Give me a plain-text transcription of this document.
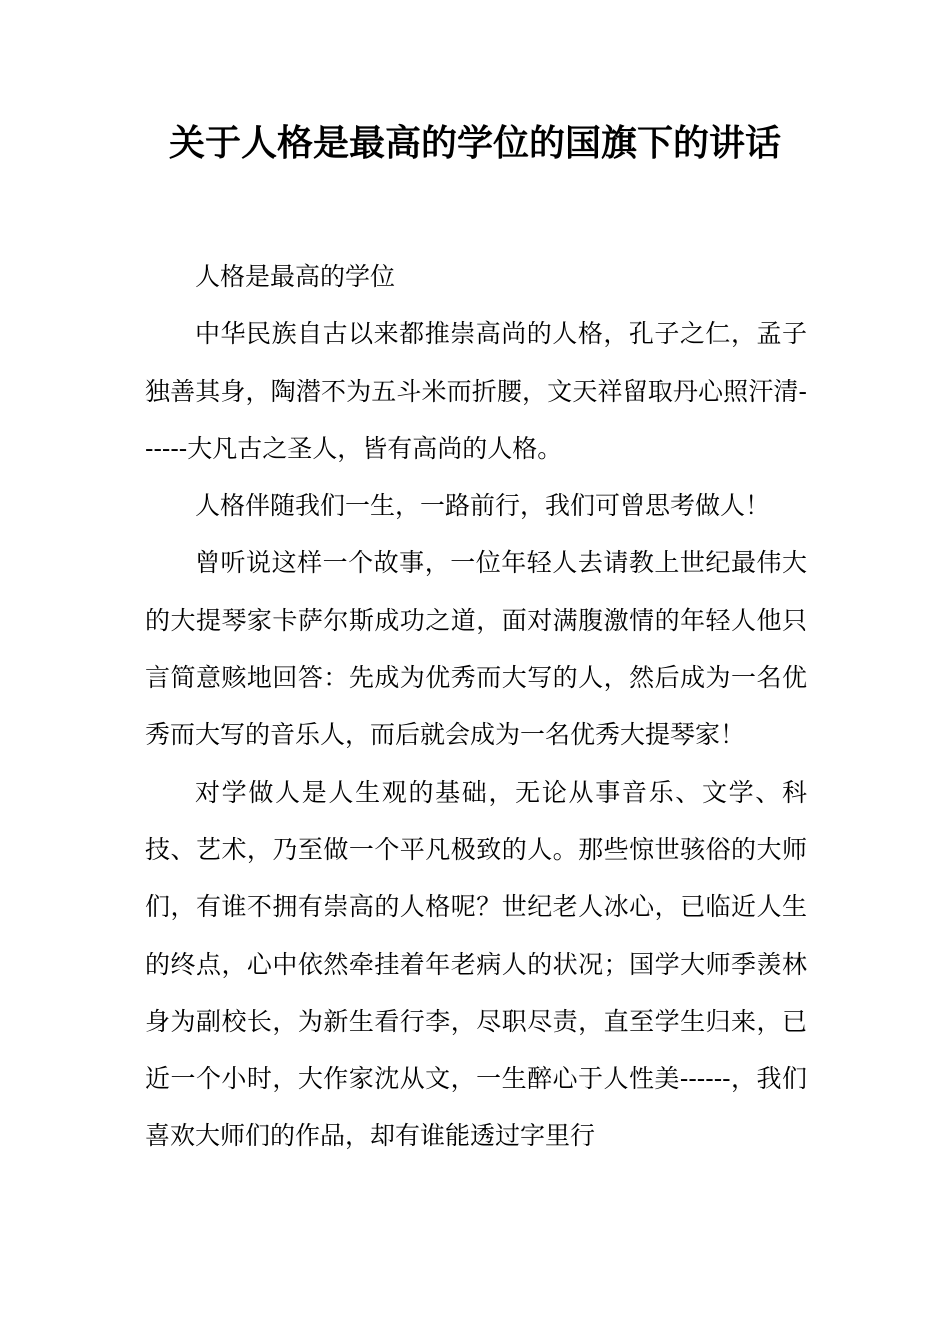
关于人格是最高的学位的国旗下的讲话

人格是最高的学位

中华民族自古以来都推崇高尚的人格，孔子之仁，孟子独善其身，陶潜不为五斗米而折腰，文天祥留取丹心照汗清------大凡古之圣人，皆有高尚的人格。

人格伴随我们一生，一路前行，我们可曾思考做人！

曾听说这样一个故事，一位年轻人去请教上世纪最伟大的大提琴家卡萨尔斯成功之道，面对满腹激情的年轻人他只言简意赅地回答：先成为优秀而大写的人，然后成为一名优秀而大写的音乐人，而后就会成为一名优秀大提琴家！

对学做人是人生观的基础，无论从事音乐、文学、科技、艺术，乃至做一个平凡极致的人。那些惊世骇俗的大师们，有谁不拥有崇高的人格呢？世纪老人冰心，已临近人生的终点，心中依然牵挂着年老病人的状况；国学大师季羡林身为副校长，为新生看行李，尽职尽责，直至学生归来，已近一个小时，大作家沈从文，一生醉心于人性美------，我们喜欢大师们的作品，却有谁能透过字里行
